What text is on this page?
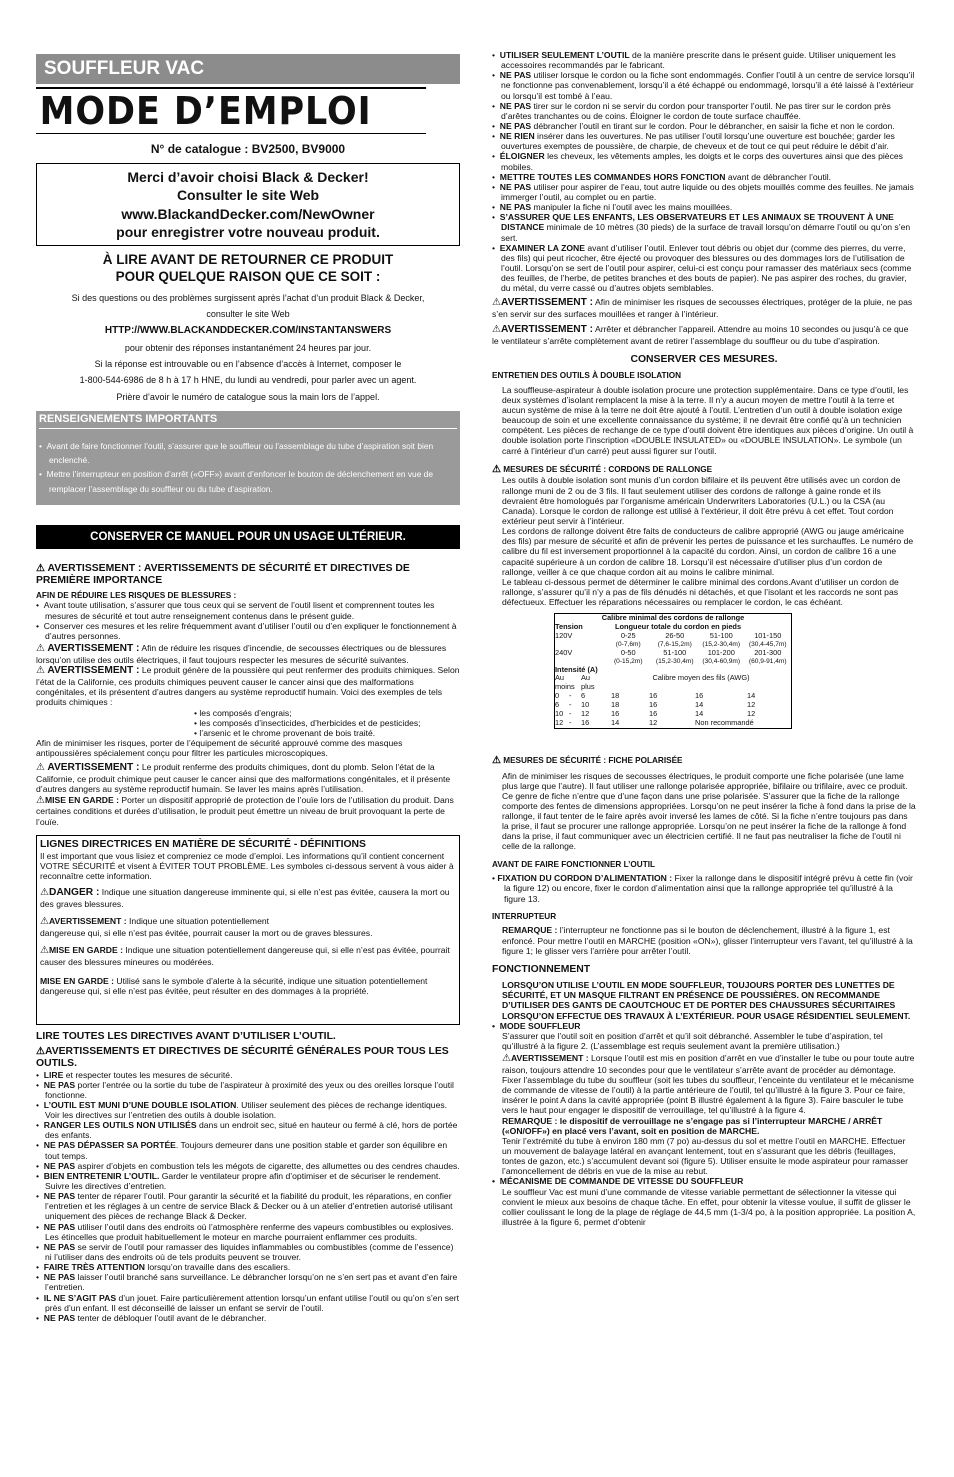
SOUFFLEUR VAC
MODE D’EMPLOI
N° de catalogue : BV2500, BV9000
Merci d’avoir choisi Black & Decker!
Consulter le site Web
www.BlackandDecker.com/NewOwner
pour enregistrer votre nouveau produit.
À LIRE AVANT DE RETOURNER CE PRODUIT
POUR QUELQUE RAISON QUE CE SOIT :
Si des questions ou des problèmes surgissent après l’achat d’un produit Black & Decker,
consulter le site Web
HTTP://WWW.BLACKANDDECKER.COM/INSTANTANSWERS
pour obtenir des réponses instantanément 24 heures par jour.
Si la réponse est introuvable ou en l’absence d’accès à Internet, composer le
1-800-544-6986 de 8 h à 17 h HNE, du lundi au vendredi, pour parler avec un agent.
Prière d’avoir le numéro de catalogue sous la main lors de l’appel.
RENSEIGNEMENTS IMPORTANTS
•  Avant de faire fonctionner l’outil, s’assurer que le souffleur ou l’assemblage du tube d’aspiration soit bien enclenché.
•  Mettre l’interrupteur en position d’arrêt («OFF») avant d’enfoncer le bouton de déclenchement en vue de remplacer l’assemblage du souffleur ou du tube d’aspiration.
CONSERVER CE MANUEL POUR UN USAGE ULTÉRIEUR.
⚠ AVERTISSEMENT : AVERTISSEMENTS DE SÉCURITÉ ET DIRECTIVES DE PREMIÈRE IMPORTANCE
AFIN DE RÉDUIRE LES RISQUES DE BLESSURES :
•  Avant toute utilisation, s’assurer que tous ceux qui se servent de l’outil lisent et comprennent toutes les mesures de sécurité et tout autre renseignement contenus dans le présent guide.
•  Conserver ces mesures et les relire fréquemment avant d’utiliser l’outil ou d’en expliquer le fonctionnement à d’autres personnes.

⚠ AVERTISSEMENT : Afin de réduire les risques d’incendie, de secousses électriques ou de blessures lorsqu’on utilise des outils électriques, il faut toujours respecter les mesures de sécurité suivantes.

⚠ AVERTISSEMENT : Le produit génère de la poussière qui peut renfermer des produits chimiques. Selon l’état de la Californie, ces produits chimiques peuvent causer le cancer ainsi que des malformations congénitales, et ils présentent d’autres dangers au système reproductif humain. Voici des exemples de tels produits chimiques :

• les composés d’engrais;
• les composés d’insecticides, d’herbicides et de pesticides;
• l’arsenic et le chrome provenant de bois traité.

Afin de minimiser les risques, porter de l’équipement de sécurité approuvé comme des masques antipoussières spécialement conçu pour filtrer les particules microscopiques.

⚠ AVERTISSEMENT : Le produit renferme des produits chimiques, dont du plomb. Selon l’état de la Californie, ce produit chimique peut causer le cancer ainsi que des malformations congénitales, et il présente d’autres dangers au système reproductif humain. Se laver les mains après l’utilisation.

⚠MISE EN GARDE : Porter un dispositif approprié de protection de l’ouïe lors de l’utilisation du produit. Dans certaines conditions et durées d’utilisation, le produit peut émettre un niveau de bruit provoquant la perte de l’ouïe.

LIGNES DIRECTRICES EN MATIÈRE DE SÉCURITÉ - DÉFINITIONS

Il est important que vous lisiez et compreniez ce mode d’emploi. Les informations qu’il contient concernent VOTRE SÉCURITÉ et visent à ÉVITER TOUT PROBLÈME. Les symboles ci-dessous servent à vous aider à reconnaître cette information.

⚠DANGER : Indique une situation dangereuse imminente qui, si elle n’est pas évitée, causera la mort ou des graves blessures.

⚠AVERTISSEMENT : Indique une situation potentiellement
dangereuse qui, si elle n’est pas évitée, pourrait causer la mort ou de graves blessures.

⚠MISE EN GARDE : Indique une situation potentiellement dangereuse qui, si elle n’est pas évitée, pourrait causer des blessures mineures ou modérées.

MISE EN GARDE : Utilisé sans le symbole d’alerte à la sécurité, indique une situation potentiellement dangereuse qui, si elle n’est pas évitée, peut résulter en des dommages à la propriété.

LIRE TOUTES LES DIRECTIVES AVANT D’UTILISER L’OUTIL.
⚠AVERTISSEMENTS ET DIRECTIVES DE SÉCURITÉ GÉNÉRALES POUR TOUS LES OUTILS.
•  LIRE et respecter toutes les mesures de sécurité.
•  NE PAS porter l’entrée ou la sortie du tube de l’aspirateur à proximité des yeux ou des oreilles lorsque l’outil fonctionne.
•  L’OUTIL EST MUNI D’UNE DOUBLE ISOLATION. Utiliser seulement des pièces de rechange identiques. Voir les directives sur l’entretien des outils à double isolation.
•  RANGER LES OUTILS NON UTILISÉS dans un endroit sec, situé en hauteur ou fermé à clé, hors de portée des enfants.
•  NE PAS DÉPASSER SA PORTÉE. Toujours demeurer dans une position stable et garder son équilibre en tout temps.
•  NE PAS aspirer d’objets en combustion tels les mégots de cigarette, des allumettes ou des cendres chaudes.
•  BIEN ENTRETENIR L’OUTIL. Garder le ventilateur propre afin d’optimiser et de sécuriser le rendement. Suivre les directives d’entretien.
•  NE PAS tenter de réparer l’outil. Pour garantir la sécurité et la fiabilité du produit, les réparations, en confier l’entretien et les réglages à un centre de service Black & Decker ou à un atelier d’entretien autorisé utilisant uniquement des pièces de rechange Black & Decker.
•  NE PAS utiliser l’outil dans des endroits où l’atmosphère renferme des vapeurs combustibles ou explosives. Les étincelles que produit habituellement le moteur en marche pourraient enflammer ces produits.
•  NE PAS se servir de l’outil pour ramasser des liquides inflammables ou combustibles (comme de l’essence) ni l’utiliser dans des endroits où de tels produits peuvent se trouver.
•  FAIRE TRÈS ATTENTION lorsqu’on travaille dans des escaliers.
•  NE PAS laisser l’outil branché sans surveillance. Le débrancher lorsqu’on ne s’en sert pas et avant d’en faire l’entretien.
•  IL NE S’AGIT PAS d’un jouet. Faire particulièrement attention lorsqu’un enfant utilise l’outil ou qu’on s’en sert près d’un enfant. Il est déconseillé de laisser un enfant se servir de l’outil.
•  NE PAS tenter de débloquer l’outil avant de le débrancher.
•  UTILISER SEULEMENT L’OUTIL de la manière prescrite dans le présent guide. Utiliser uniquement les accessoires recommandés par le fabricant.
•  NE PAS utiliser lorsque le cordon ou la fiche sont endommagés. Confier l’outil à un centre de service lorsqu’il ne fonctionne pas convenablement, lorsqu’il a été échappé ou endommagé, lorsqu’il a été laissé à l’extérieur ou lorsqu’il est tombé à l’eau.
•  NE PAS tirer sur le cordon ni se servir du cordon pour transporter l’outil. Ne pas tirer sur le cordon près d’arêtes tranchantes ou de coins. Éloigner le cordon de toute surface chauffée.
•  NE PAS débrancher l’outil en tirant sur le cordon. Pour le débrancher, en saisir la fiche et non le cordon.
•  NE RIEN insérer dans les ouvertures. Ne pas utiliser l’outil lorsqu’une ouverture est bouchée; garder les ouvertures exemptes de poussière, de charpie, de cheveux et de tout ce qui peut réduire le débit d’air.
•  ÉLOIGNER les cheveux, les vêtements amples, les doigts et le corps des ouvertures ainsi que des pièces mobiles.
•  METTRE TOUTES LES COMMANDES HORS FONCTION avant de débrancher l’outil.
•  NE PAS utiliser pour aspirer de l’eau, tout autre liquide ou des objets mouillés comme des feuilles. Ne jamais immerger l’outil, au complet ou en partie.
•  NE PAS manipuler la fiche ni l’outil avec les mains mouillées.
•  S’ASSURER QUE LES ENFANTS, LES OBSERVATEURS ET LES ANIMAUX SE TROUVENT À UNE DISTANCE minimale de 10 mètres (30 pieds) de la surface de travail lorsqu’on démarre l’outil ou qu’on s’en sert.
•  EXAMINER LA ZONE avant d’utiliser l’outil. Enlever tout débris ou objet dur (comme des pierres, du verre, des fils) qui peut ricocher, être éjecté ou provoquer des blessures ou des dommages lors de l’utilisation de l’outil. Lorsqu’on se sert de l’outil pour aspirer, celui-ci est conçu pour ramasser des matériaux secs (comme des feuilles, de l’herbe, de petites branches et des bouts de papier). Ne pas aspirer des roches, du gravier, du métal, du verre cassé ou d’autres objets semblables.

⚠AVERTISSEMENT : Afin de minimiser les risques de secousses électriques, protéger de la pluie, ne pas s’en servir sur des surfaces mouillées et ranger à l’intérieur.

⚠AVERTISSEMENT : Arrêter et débrancher l’appareil. Attendre au moins 10 secondes ou jusqu’à ce que le ventilateur s’arrête complètement avant de retirer l’assemblage du souffleur ou du tube d’aspiration.

CONSERVER CES MESURES.
ENTRETIEN DES OUTILS À DOUBLE ISOLATION

La souffleuse-aspirateur à double isolation procure une protection supplémentaire. Dans ce type d’outil, les deux systèmes d’isolant remplacent la mise à la terre. Il n’y a aucun moyen de mettre l’outil à la terre et aucun système de mise à la terre ne doit être ajouté à l’outil. L’entretien d’un outil à double isolation exige beaucoup de soin et une excellente connaissance du système; il ne devrait être confié qu’à un technicien compétent. Les pièces de rechange de ce type d’outil doivent être identiques aux pièces d’origine. Un outil à double isolation porte l’inscription «DOUBLE INSULATED» ou «DOUBLE INSULATION». Le symbole (un carré à l’intérieur d’un carré) peut aussi figurer sur l’outil.

⚠ MESURES DE SÉCURITÉ : CORDONS DE RALLONGE

Les outils à double isolation sont munis d’un cordon bifilaire et ils peuvent être utilisés avec un cordon de rallonge muni de 2 ou de 3 fils. Il faut seulement utiliser des cordons de rallonge à gaine ronde et ils devraient être homologués par l’organisme américain Underwriters Laboratories (U.L.) ou la CSA (au Canada). Lorsque le cordon de rallonge est utilisé à l’extérieur, il doit être prévu à cet effet. Tout cordon extérieur peut servir à l’intérieur.

Les cordons de rallonge doivent être faits de conducteurs de calibre approprié (AWG ou jauge américaine des fils) par mesure de sécurité et afin de prévenir les pertes de puissance et les surchauffes. Le numéro de calibre du fil est inversement proportionnel à la capacité du cordon. Ainsi, un cordon de calibre 16 a une capacité supérieure à un cordon de calibre 18. Lorsqu’il est nécessaire d’utiliser plus d’un cordon de rallonge, veiller à ce que chaque cordon ait au moins le calibre minimal.

Le tableau ci-dessous permet de déterminer le calibre minimal des cordons.Avant d’utiliser un cordon de rallonge, s’assurer qu’il n’y a pas de fils dénudés ni détachés, et que l’isolant et les raccords ne sont pas défectueux. Effectuer les réparations nécessaires ou remplacer le cordon, le cas échéant.

Calibre minimal des cordons de rallonge
Tension	Longueur totale du cordon en pieds
120V	0-25	26-50	51-100	101-150
(0-7,6m)	(7,6-15,2m)	(15,2-30,4m)	(30,4-45,7m)
240V	0-50	51-100	101-200	201-300
(0-15,2m)	(15,2-30,4m)	(30,4-60,9m)	(60,9-91,4m)
Intensité (A)
Au	Au	Calibre moyen des fils (AWG)
moins plus
0	-	6	18	16	16	14
6	-	10	18	16	14	12
10 -	12	16	16	14	12
12 -	16	14	12	Non recommandé
⚠ MESURES DE SÉCURITÉ : FICHE POLARISÉE

Afin de minimiser les risques de secousses électriques, le produit comporte une fiche polarisée (une lame plus large que l’autre). Il faut utiliser une rallonge polarisée appropriée, bifilaire ou trifilaire, avec ce produit. Ce genre de fiche n’entre que d’une façon dans une prise polarisée. S’assurer que la fiche de la rallonge comporte des fentes de dimensions appropriées. Lorsqu’on ne peut insérer la fiche à fond dans la prise de la rallonge, il faut tenter de le faire après avoir inversé les lames de côté. Si la fiche n’entre toujours pas dans la prise, il faut se procurer une rallonge appropriée. Lorsqu’on ne peut insérer la fiche de la rallonge à fond dans la prise, il faut communiquer avec un électricien certifié. Il ne faut pas neutraliser la fiche de l’outil ni celle de la rallonge.

AVANT DE FAIRE FONCTIONNER L’OUTIL

• FIXATION DU CORDON D’ALIMENTATION : Fixer la rallonge dans le dispositif intégré prévu à cette fin (voir la figure 12) ou encore, fixer le cordon d’alimentation ainsi que la rallonge appropriée tel qu’illustré à la figure 13.

INTERRUPTEUR

REMARQUE : l’interrupteur ne fonctionne pas si le bouton de déclenchement, illustré à la figure 1, est enfoncé. Pour mettre l’outil en MARCHE (position «ON»), glisser l’interrupteur vers l’avant, tel qu’illustré à la figure 1; le glisser vers l’arrière pour arrêter l’outil.

FONCTIONNEMENT

LORSQU’ON UTILISE L’OUTIL EN MODE SOUFFLEUR, TOUJOURS PORTER DES LUNETTES DE SÉCURITÉ, ET UN MASQUE FILTRANT EN PRÉSENCE DE POUSSIÈRES. ON RECOMMANDE D’UTILISER DES GANTS DE CAOUTCHOUC ET DE PORTER DES CHAUSSURES SÉCURITAIRES LORSQU’ON EFFECTUE DES TRAVAUX À L’EXTÉRIEUR. POUR USAGE RÉSIDENTIEL SEULEMENT.

•  MODE SOUFFLEUR

S’assurer que l’outil soit en position d’arrêt et qu’il soit débranché. Assembler le tube d’aspiration, tel qu’illustré à la figure 2. (L’assemblage est requis seulement avant la première utilisation.)

⚠AVERTISSEMENT : Lorsque l’outil est mis en position d’arrêt en vue d’installer le tube ou pour toute autre raison, toujours attendre 10 secondes pour que le ventilateur s’arrête avant de procéder au démontage.

Fixer l’assemblage du tube du souffleur (soit les tubes du souffleur, l’enceinte du ventilateur et le mécanisme de commande de vitesse de l’outil) à la partie antérieure de l’outil, tel qu’illustré à la figure 3. Pour ce faire, insérer le point A dans la cavité appropriée (point B illustré également à la figure 3). Faire basculer le tube vers le haut pour engager le dispositif de verrouillage, tel qu’illustré à la figure 4.

REMARQUE : le dispositif de verrouillage ne s’engage pas si l’interrupteur MARCHE / ARRÊT («ON/OFF») en placé vers l’avant, soit en position de MARCHE.

Tenir l’extrémité du tube à environ 180 mm (7 po) au-dessus du sol et mettre l’outil en MARCHE. Effectuer un mouvement de balayage latéral en avançant lentement, tout en s’assurant que les débris (feuillages, tontes de gazon, etc.) s’accumulent devant soi (figure 5). Utiliser ensuite le mode aspirateur pour ramasser l’amoncellement de débris en vue de la mise au rebut.

•  MÉCANISME DE COMMANDE DE VITESSE DU SOUFFLEUR

Le souffleur Vac est muni d’une commande de vitesse variable permettant de sélectionner la vitesse qui convient le mieux aux besoins de chaque tâche. En effet, pour obtenir la vitesse voulue, il suffit de glisser le collier coulissant le long de la plage de réglage de 44,5 mm (1-3/4 po, à la position appropriée. La position A, illustrée à la figure 6, permet d’obtenir
